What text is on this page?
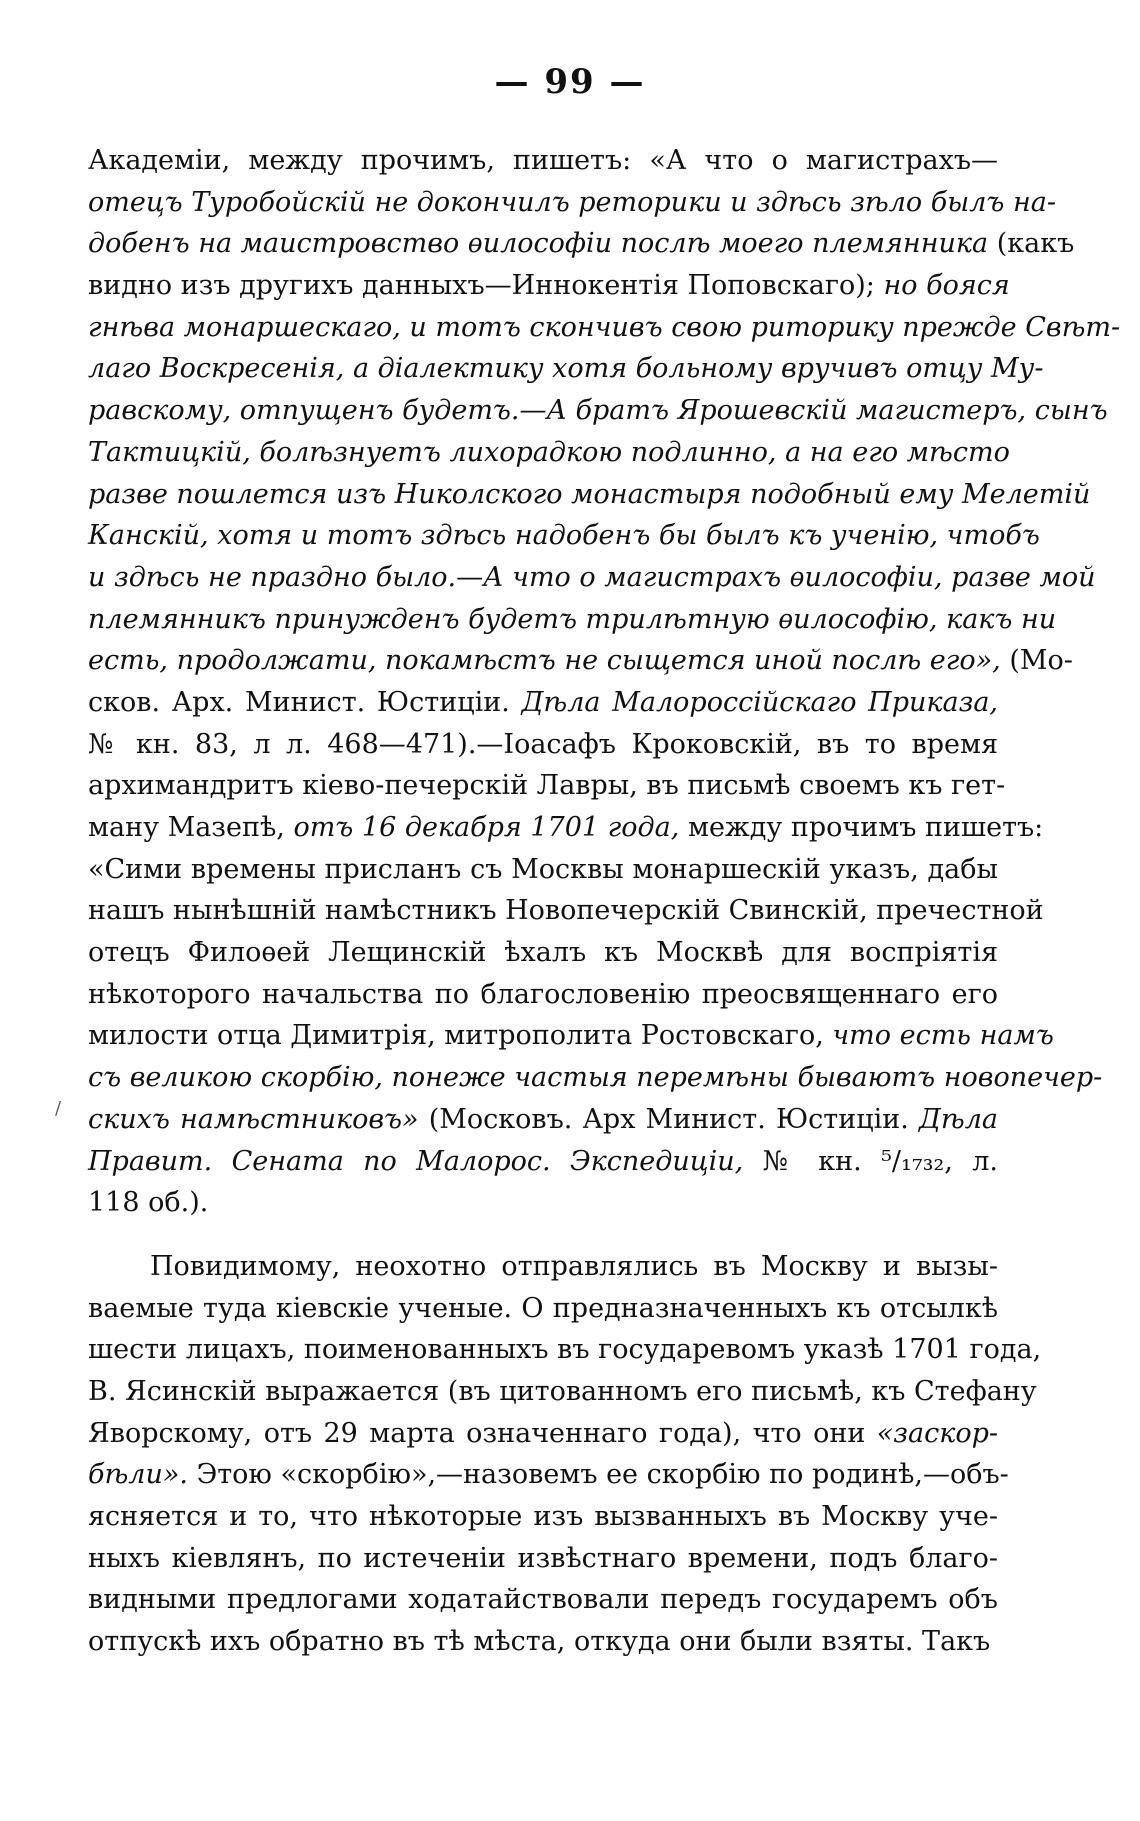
— 99 —
/
Академіи, между прочимъ, пишетъ: «А что о магистрахъ—
отецъ Туробойскій не докончилъ реторики и здѣсь зѣло былъ на-
добенъ на маистровство ѳилософіи послѣ моего племянника (какъ
видно изъ другихъ данныхъ—Иннокентія Поповскаго); но бояся
гнѣва монаршескаго, и тотъ скончивъ свою риторику прежде Свѣт-
лаго Воскресенія, а діалектику хотя больному вручивъ отцу Му-
равскому, отпущенъ будетъ.—А братъ Ярошевскій магистеръ, сынъ
Тактицкій, болѣзнуетъ лихорадкою подлинно, а на его мѣсто
разве пошлется изъ Николского монастыря подобный ему Мелетій
Канскій, хотя и тотъ здѣсь надобенъ бы былъ къ ученію, чтобъ
и здѣсь не праздно было.—А что о магистрахъ ѳилософіи, разве мой
племянникъ принужденъ будетъ трилѣтную ѳилософію, какъ ни
есть, продолжати, покамѣстъ не сыщется иной послѣ его», (Мо-
сков. Арх. Минист. Юстиціи. Дѣла Малороссійскаго Приказа,
№ кн. 83, л л. 468—471).—Іоасафъ Кроковскій, въ то время
архимандритъ кіево-печерскій Лавры, въ письмѣ своемъ къ гет-
ману Мазепѣ, отъ 16 декабря 1701 года, между прочимъ пишетъ:
«Сими времены присланъ съ Москвы монаршескій указъ, дабы
нашъ нынѣшній намѣстникъ Новопечерскій Свинскій, пречестной
отецъ Филоѳей Лещинскій ѣхалъ къ Москвѣ для воспріятія
нѣкоторого начальства по благословенію преосвященнаго его
милости отца Димитрія, митрополита Ростовскаго, что есть намъ
съ великою скорбію, понеже частыя перемѣны бываютъ новопечер-
скихъ намѣстниковъ» (Московъ. Арх Минист. Юстиціи. Дѣла
Правит. Сената по Малорос. Экспедиціи, № кн. ⁵/₁₇₃₂, л.
118 об.).
Повидимому, неохотно отправлялись въ Москву и вызы-
ваемые туда кіевскіе ученые. О предназначенныхъ къ отсылкѣ
шести лицахъ, поименованныхъ въ государевомъ указѣ 1701 года,
В. Ясинскій выражается (въ цитованномъ его письмѣ, къ Стефану
Яворскому, отъ 29 марта означеннаго года), что они «заскор-
бѣли». Этою «скорбію»,—назовемъ ее скорбію по родинѣ,—объ-
ясняется и то, что нѣкоторые изъ вызванныхъ въ Москву уче-
ныхъ кіевлянъ, по истеченіи извѣстнаго времени, подъ благо-
видными предлогами ходатайствовали передъ государемъ объ
отпускѣ ихъ обратно въ тѣ мѣста, откуда они были взяты. Такъ
